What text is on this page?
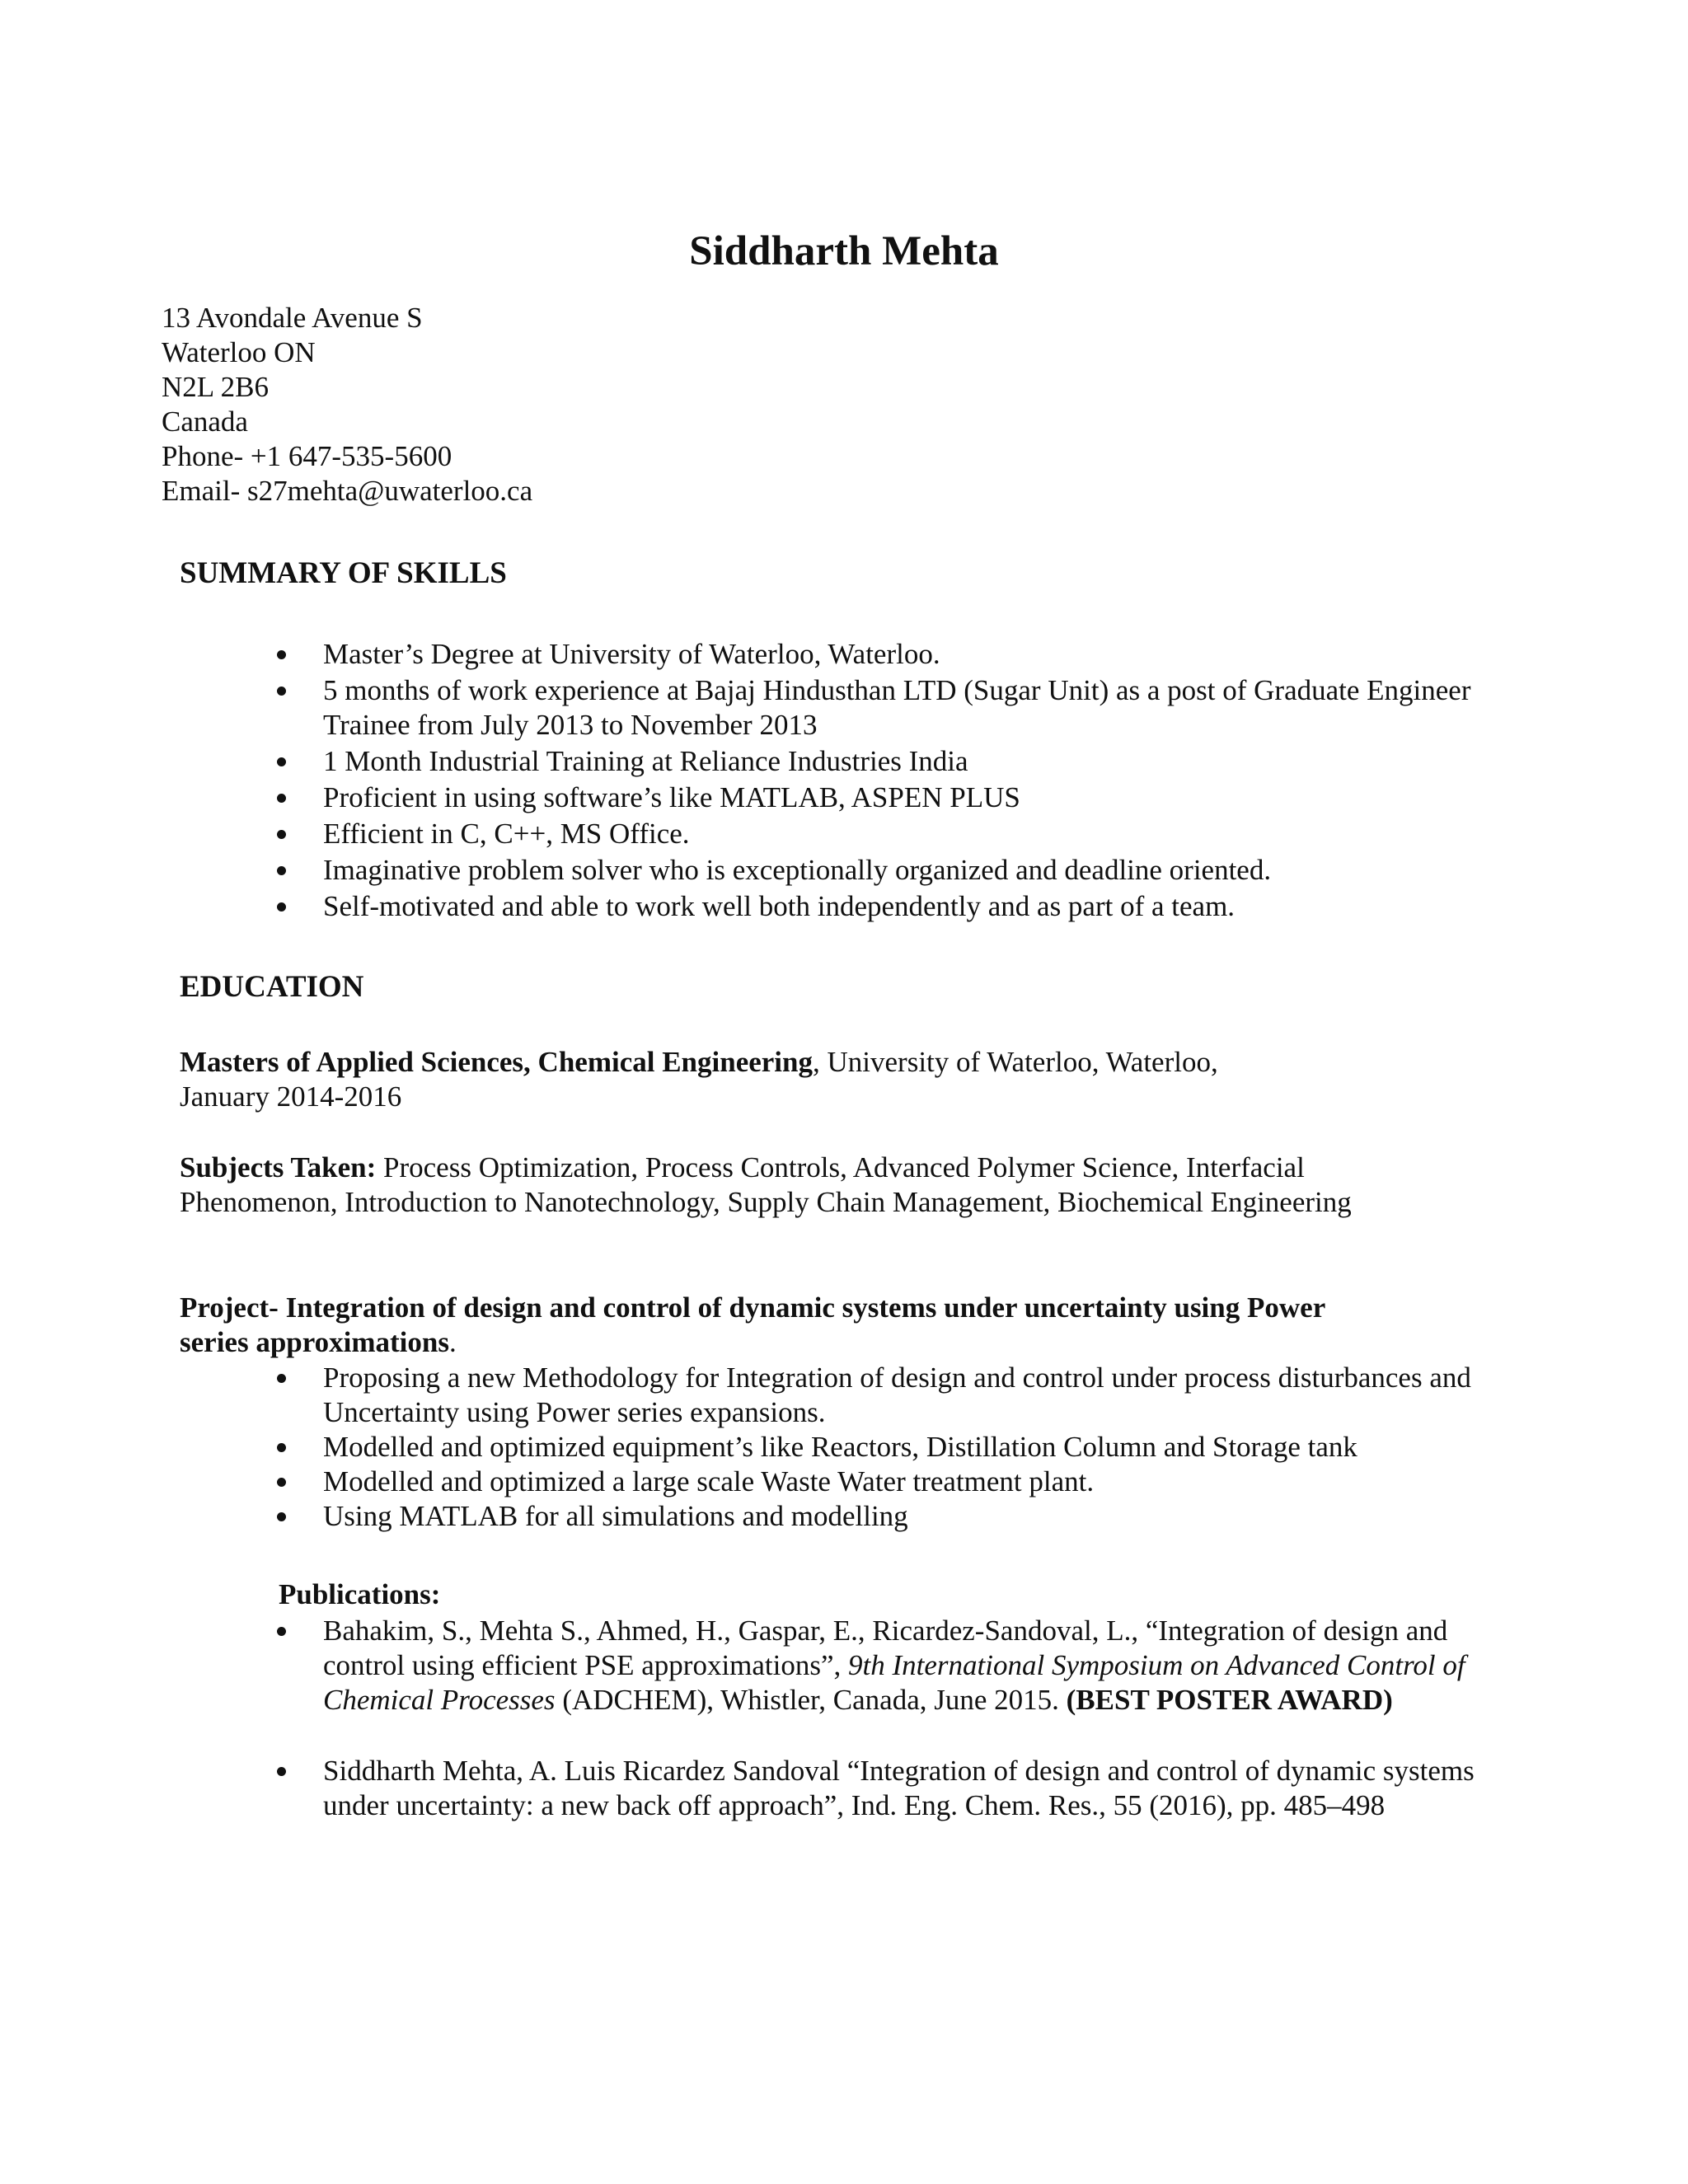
Siddharth Mehta
13 Avondale Avenue S
Waterloo ON
N2L 2B6
Canada
Phone- +1 647-535-5600
Email- s27mehta@uwaterloo.ca
SUMMARY OF SKILLS
Master’s Degree at University of Waterloo, Waterloo.
5 months of work experience at Bajaj Hindusthan LTD (Sugar Unit) as a post of Graduate Engineer Trainee from July 2013 to November 2013
1 Month Industrial Training at Reliance Industries India
Proficient in using software’s like MATLAB, ASPEN PLUS
Efficient in C, C++, MS Office.
Imaginative problem solver who is exceptionally organized and deadline oriented.
Self-motivated and able to work well both independently and as part of a team.
EDUCATION
Masters of Applied Sciences, Chemical Engineering, University of Waterloo, Waterloo,
January 2014-2016
Subjects Taken: Process Optimization, Process Controls, Advanced Polymer Science, Interfacial Phenomenon, Introduction to Nanotechnology, Supply Chain Management, Biochemical Engineering
Project- Integration of design and control of dynamic systems under uncertainty using Power series approximations.
Proposing a new Methodology for Integration of design and control under process disturbances and Uncertainty using Power series expansions.
Modelled and optimized equipment’s like Reactors, Distillation Column and Storage tank
Modelled and optimized a large scale Waste Water treatment plant.
Using MATLAB for all simulations and modelling
Publications:
Bahakim, S., Mehta S., Ahmed, H., Gaspar, E., Ricardez-Sandoval, L., “Integration of design and control using efficient PSE approximations”, 9th International Symposium on Advanced Control of Chemical Processes (ADCHEM), Whistler, Canada, June 2015. (BEST POSTER AWARD)
Siddharth Mehta, A. Luis Ricardez Sandoval “Integration of design and control of dynamic systems under uncertainty: a new back off approach”, Ind. Eng. Chem. Res., 55 (2016), pp. 485–498
